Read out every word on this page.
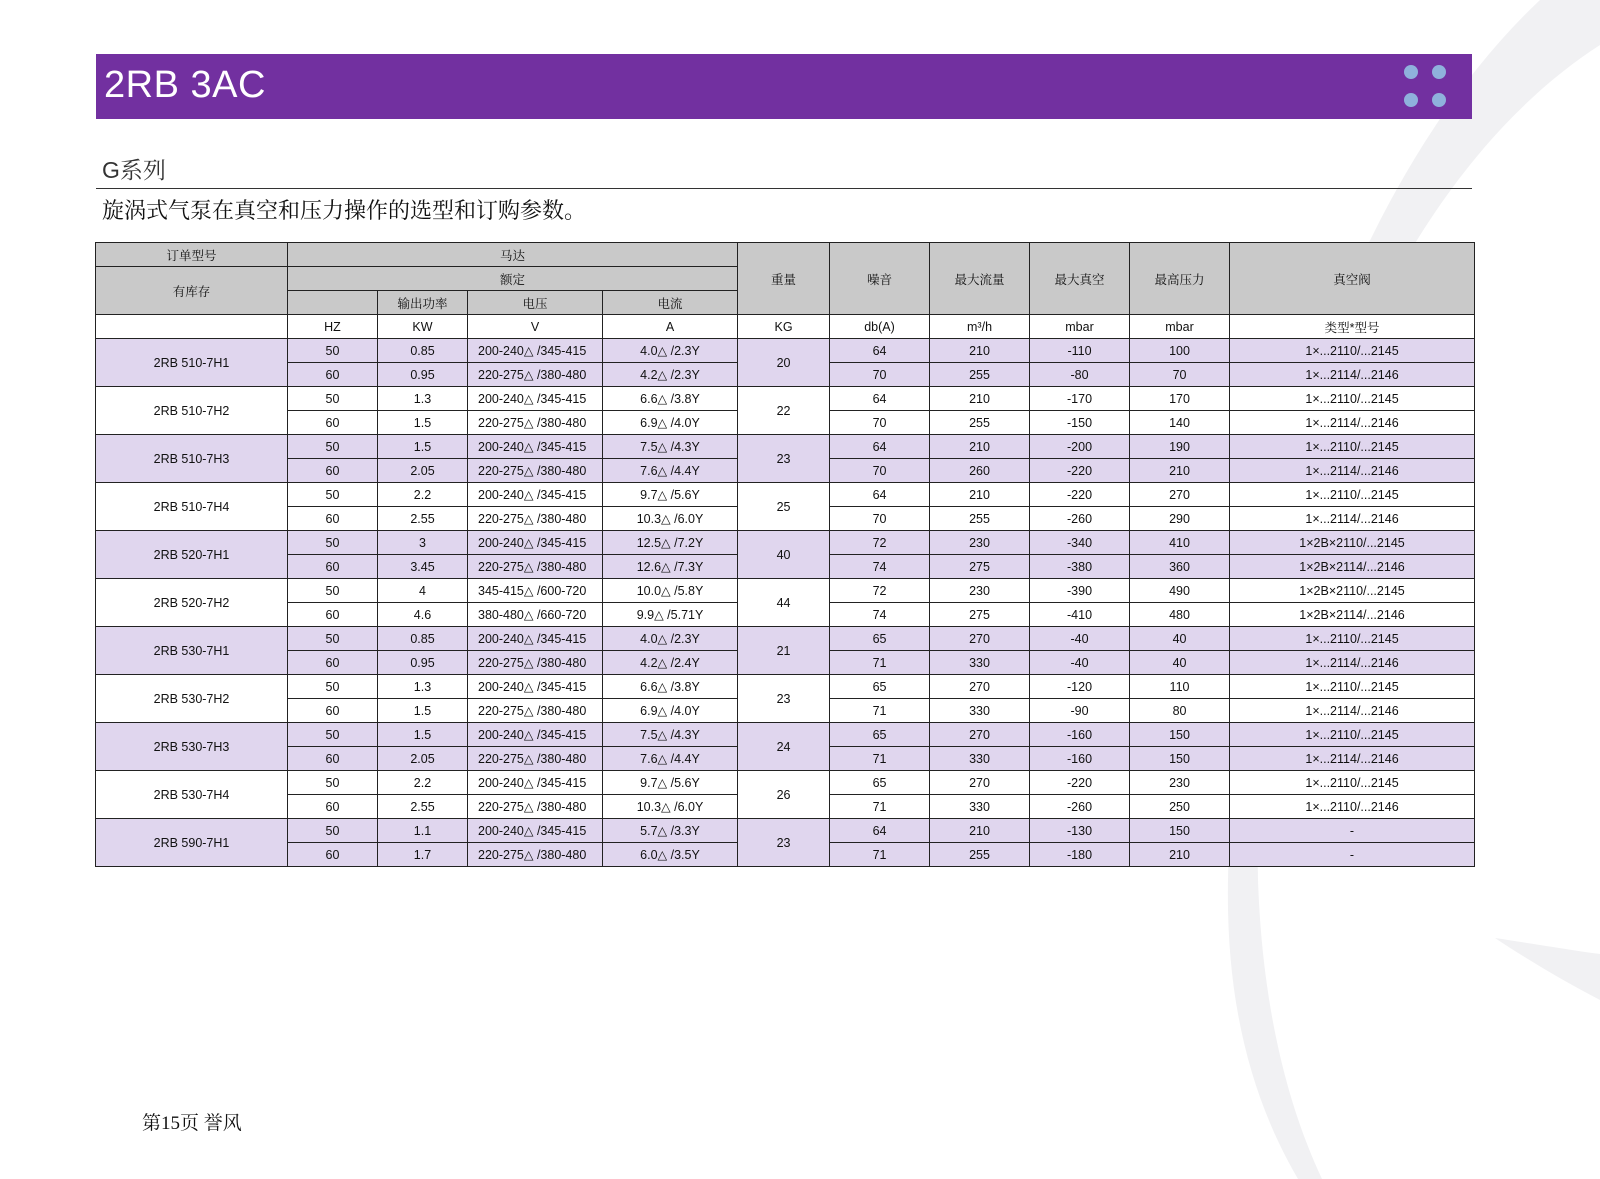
2RB 3AC
G系列
旋涡式气泵在真空和压力操作的选型和订购参数。
订单型号	马达				重量	噪音	最大流量	最大真空	最高压力	真空阀
有库存	额定									
		输出功率	电压	电流						
	HZ	KW	V	A	KG	db(A)	m³/h	mbar	mbar	类型*型号
2RB 510-7H1	50	0.85	200-240△ /345-415	4.0△ /2.3Y	20	64	210	-110	100	1×...2110/...2145
	60	0.95	220-275△ /380-480	4.2△ /2.3Y		70	255	-80	70	1×...2114/...2146
2RB 510-7H2	50	1.3	200-240△ /345-415	6.6△ /3.8Y	22	64	210	-170	170	1×...2110/...2145
	60	1.5	220-275△ /380-480	6.9△ /4.0Y		70	255	-150	140	1×...2114/...2146
2RB 510-7H3	50	1.5	200-240△ /345-415	7.5△ /4.3Y	23	64	210	-200	190	1×...2110/...2145
	60	2.05	220-275△ /380-480	7.6△ /4.4Y		70	260	-220	210	1×...2114/...2146
2RB 510-7H4	50	2.2	200-240△ /345-415	9.7△ /5.6Y	25	64	210	-220	270	1×...2110/...2145
	60	2.55	220-275△ /380-480	10.3△ /6.0Y		70	255	-260	290	1×...2114/...2146
2RB 520-7H1	50	3	200-240△ /345-415	12.5△ /7.2Y	40	72	230	-340	410	1×2B×2110/...2145
	60	3.45	220-275△ /380-480	12.6△ /7.3Y		74	275	-380	360	1×2B×2114/...2146
2RB 520-7H2	50	4	345-415△ /600-720	10.0△ /5.8Y	44	72	230	-390	490	1×2B×2110/...2145
	60	4.6	380-480△ /660-720	9.9△ /5.71Y		74	275	-410	480	1×2B×2114/...2146
2RB 530-7H1	50	0.85	200-240△ /345-415	4.0△ /2.3Y	21	65	270	-40	40	1×...2110/...2145
	60	0.95	220-275△ /380-480	4.2△ /2.4Y		71	330	-40	40	1×...2114/...2146
2RB 530-7H2	50	1.3	200-240△ /345-415	6.6△ /3.8Y	23	65	270	-120	110	1×...2110/...2145
	60	1.5	220-275△ /380-480	6.9△ /4.0Y		71	330	-90	80	1×...2114/...2146
2RB 530-7H3	50	1.5	200-240△ /345-415	7.5△ /4.3Y	24	65	270	-160	150	1×...2110/...2145
	60	2.05	220-275△ /380-480	7.6△ /4.4Y		71	330	-160	150	1×...2114/...2146
2RB 530-7H4	50	2.2	200-240△ /345-415	9.7△ /5.6Y	26	65	270	-220	230	1×...2110/...2145
	60	2.55	220-275△ /380-480	10.3△ /6.0Y		71	330	-260	250	1×...2110/...2146
2RB 590-7H1	50	1.1	200-240△ /345-415	5.7△ /3.3Y	23	64	210	-130	150	-
	60	1.7	220-275△ /380-480	6.0△ /3.5Y		71	255	-180	210	-
第15页 誉风
